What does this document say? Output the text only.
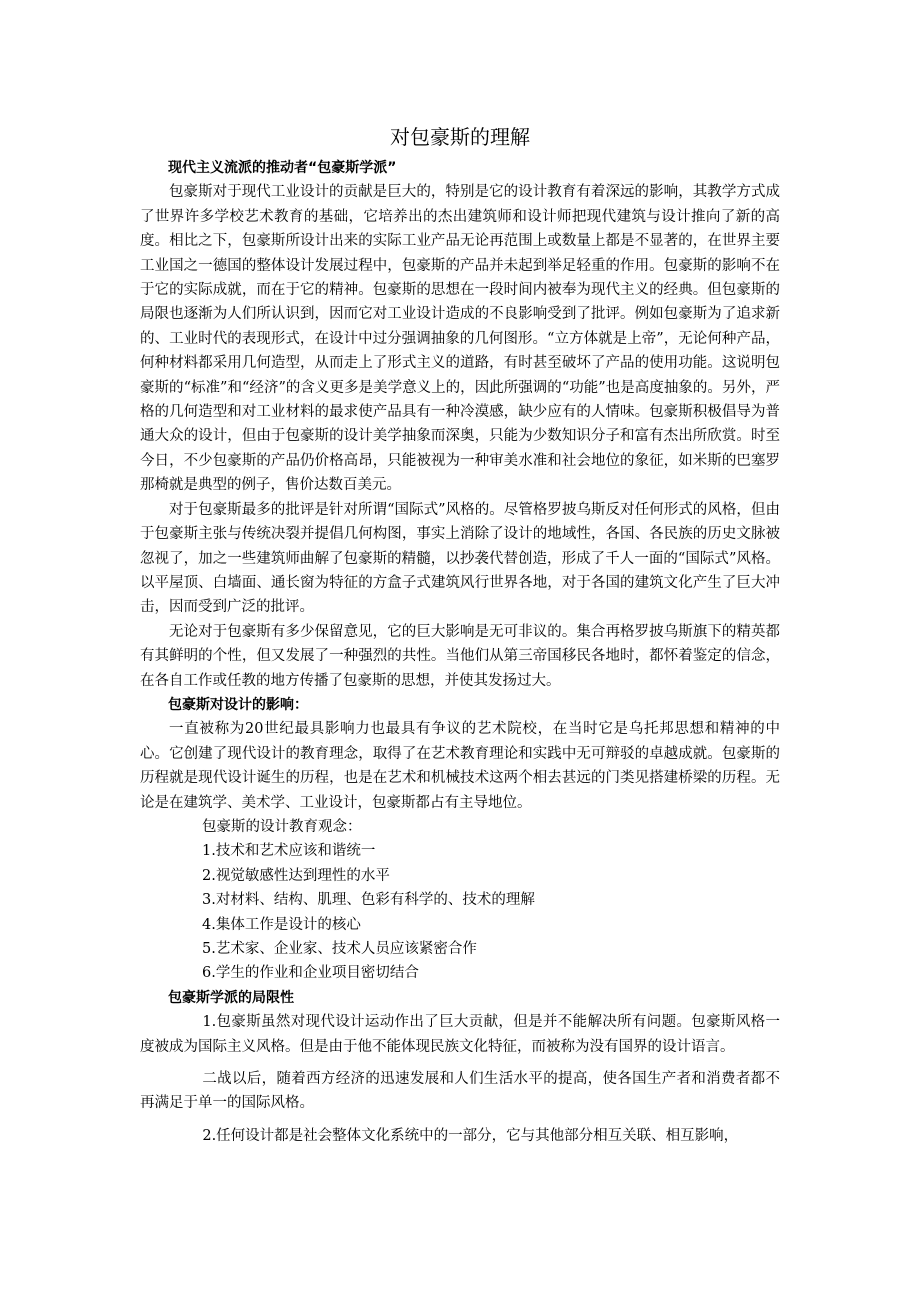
对包豪斯的理解
现代主义流派的推动者“包豪斯学派”

包豪斯对于现代工业设计的贡献是巨大的，特别是它的设计教育有着深远的影响，其教学方式成了世界许多学校艺术教育的基础，它培养出的杰出建筑师和设计师把现代建筑与设计推向了新的高度。相比之下，包豪斯所设计出来的实际工业产品无论再范围上或数量上都是不显著的，在世界主要工业国之一德国的整体设计发展过程中，包豪斯的产品并未起到举足轻重的作用。包豪斯的影响不在于它的实际成就，而在于它的精神。包豪斯的思想在一段时间内被奉为现代主义的经典。但包豪斯的局限也逐渐为人们所认识到，因而它对工业设计造成的不良影响受到了批评。例如包豪斯为了追求新的、工业时代的表现形式，在设计中过分强调抽象的几何图形。“立方体就是上帝”，无论何种产品，何种材料都采用几何造型，从而走上了形式主义的道路，有时甚至破坏了产品的使用功能。这说明包豪斯的“标准”和“经济”的含义更多是美学意义上的，因此所强调的“功能”也是高度抽象的。另外，严格的几何造型和对工业材料的最求使产品具有一种冷漠感，缺少应有的人情味。包豪斯积极倡导为普通大众的设计，但由于包豪斯的设计美学抽象而深奥，只能为少数知识分子和富有杰出所欣赏。时至今日，不少包豪斯的产品仍价格高昂，只能被视为一种审美水准和社会地位的象征，如米斯的巴塞罗那椅就是典型的例子，售价达数百美元。

对于包豪斯最多的批评是针对所谓“国际式”风格的。尽管格罗披乌斯反对任何形式的风格，但由于包豪斯主张与传统决裂并提倡几何构图，事实上消除了设计的地域性，各国、各民族的历史文脉被忽视了，加之一些建筑师曲解了包豪斯的精髓，以抄袭代替创造，形成了千人一面的“国际式”风格。以平屋顶、白墙面、通长窗为特征的方盒子式建筑风行世界各地，对于各国的建筑文化产生了巨大冲击，因而受到广泛的批评。

无论对于包豪斯有多少保留意见，它的巨大影响是无可非议的。集合再格罗披乌斯旗下的精英都有其鲜明的个性，但又发展了一种强烈的共性。当他们从第三帝国移民各地时，都怀着鉴定的信念，在各自工作或任教的地方传播了包豪斯的思想，并使其发扬过大。

包豪斯对设计的影响：

一直被称为20世纪最具影响力也最具有争议的艺术院校，在当时它是乌托邦思想和精神的中心。它创建了现代设计的教育理念，取得了在艺术教育理论和实践中无可辩驳的卓越成就。包豪斯的历程就是现代设计诞生的历程，也是在艺术和机械技术这两个相去甚远的门类见搭建桥梁的历程。无论是在建筑学、美术学、工业设计，包豪斯都占有主导地位。

包豪斯的设计教育观念：
1.技术和艺术应该和谐统一
2.视觉敏感性达到理性的水平
3.对材料、结构、肌理、色彩有科学的、技术的理解
4.集体工作是设计的核心
5.艺术家、企业家、技术人员应该紧密合作
6.学生的作业和企业项目密切结合
包豪斯学派的局限性

1.包豪斯虽然对现代设计运动作出了巨大贡献，但是并不能解决所有问题。包豪斯风格一度被成为国际主义风格。但是由于他不能体现民族文化特征，而被称为没有国界的设计语言。

二战以后，随着西方经济的迅速发展和人们生活水平的提高，使各国生产者和消费者都不再满足于单一的国际风格。

2.任何设计都是社会整体文化系统中的一部分，它与其他部分相互关联、相互影响，
